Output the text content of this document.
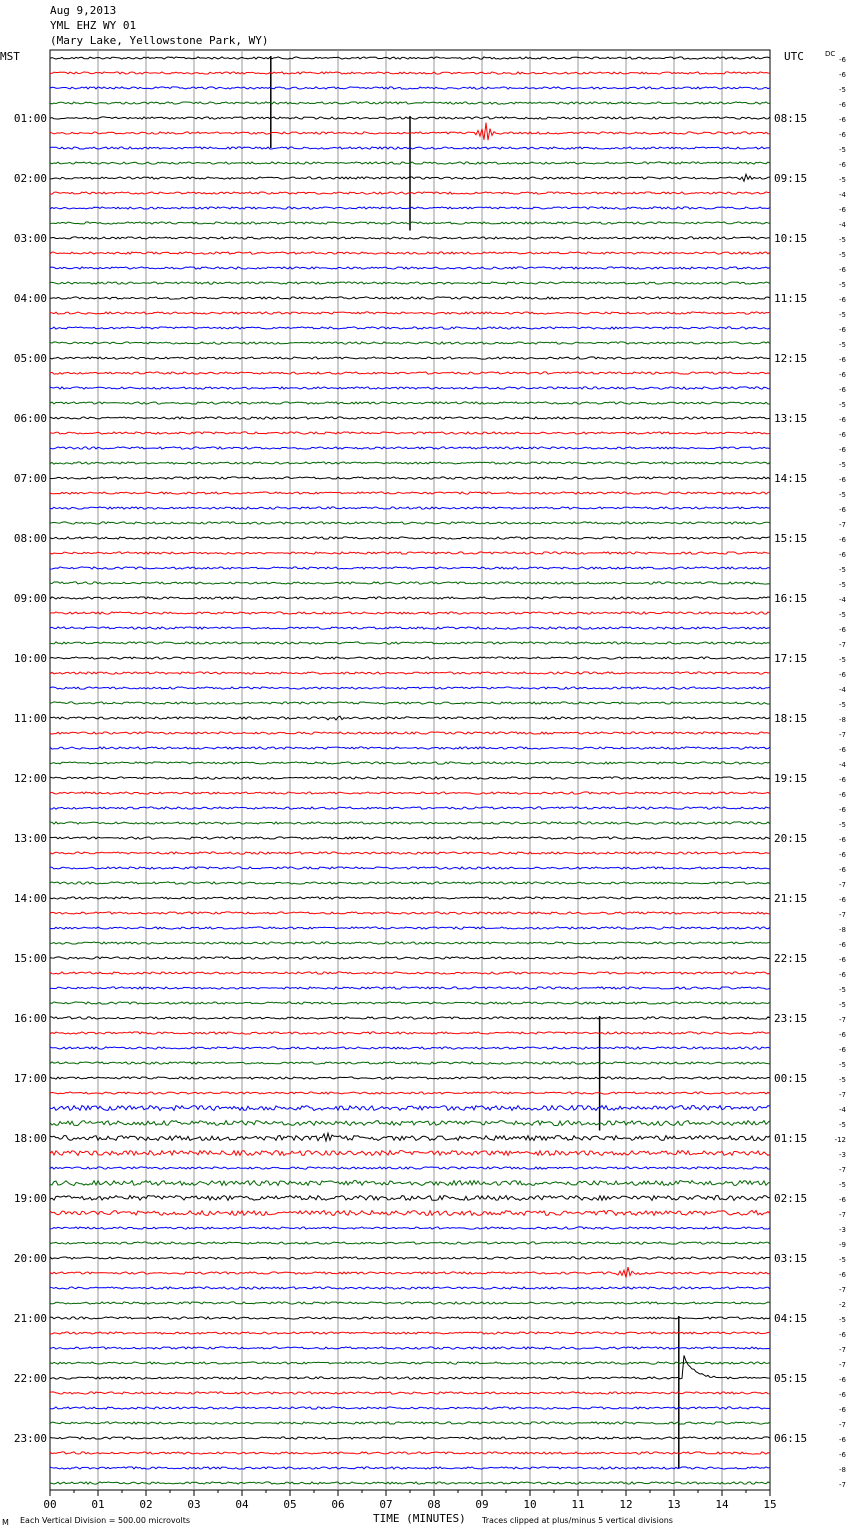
Aug 9,2013
YML EHZ WY 01
(Mary Lake, Yellowstone Park, WY)
MST	UTC	DC
TIME (MINUTES)
Each Vertical Division = 500.00 microvolts	Traces clipped at plus/minus 5 vertical divisions
M
00	01	02	03	04	05	06	07	08	09	10	11	12	13	14	15
-6
-6
-5
-6
-6
-6
-5
-6
-5
-4
-6
-4
-5
-5
-6
-5
-6
-5
-6
-5
-6
-6
-6
-5
-6
-6
-6
-5
-6
-5
-6
-7
-6
-6
-5
-5
-4
-5
-6
-7
-5
-6
-4
-5
-8
-7
-6
-4
-6
-6
-6
-5
-6
-6
-6
-7
-6
-7
-8
-6
-6
-6
-5
-5
-7
-6
-6
-5
-5
-7
-4
-5
-12
-3
-7
-5
-6
-7
-3
-9
-5
-6
-7
-2
-5
-6
-7
-7
-6
-6
-6
-7
-6
-6
-8
-7
01:00
02:00
03:00
04:00
05:00
06:00
07:00
08:00
09:00
10:00
11:00
12:00
13:00
14:00
15:00
16:00
17:00
18:00
19:00
20:00
21:00
22:00
23:00
08:15
09:15
10:15
11:15
12:15
13:15
14:15
15:15
16:15
17:15
18:15
19:15
20:15
21:15
22:15
23:15
00:15
01:15
02:15
03:15
04:15
05:15
06:15
